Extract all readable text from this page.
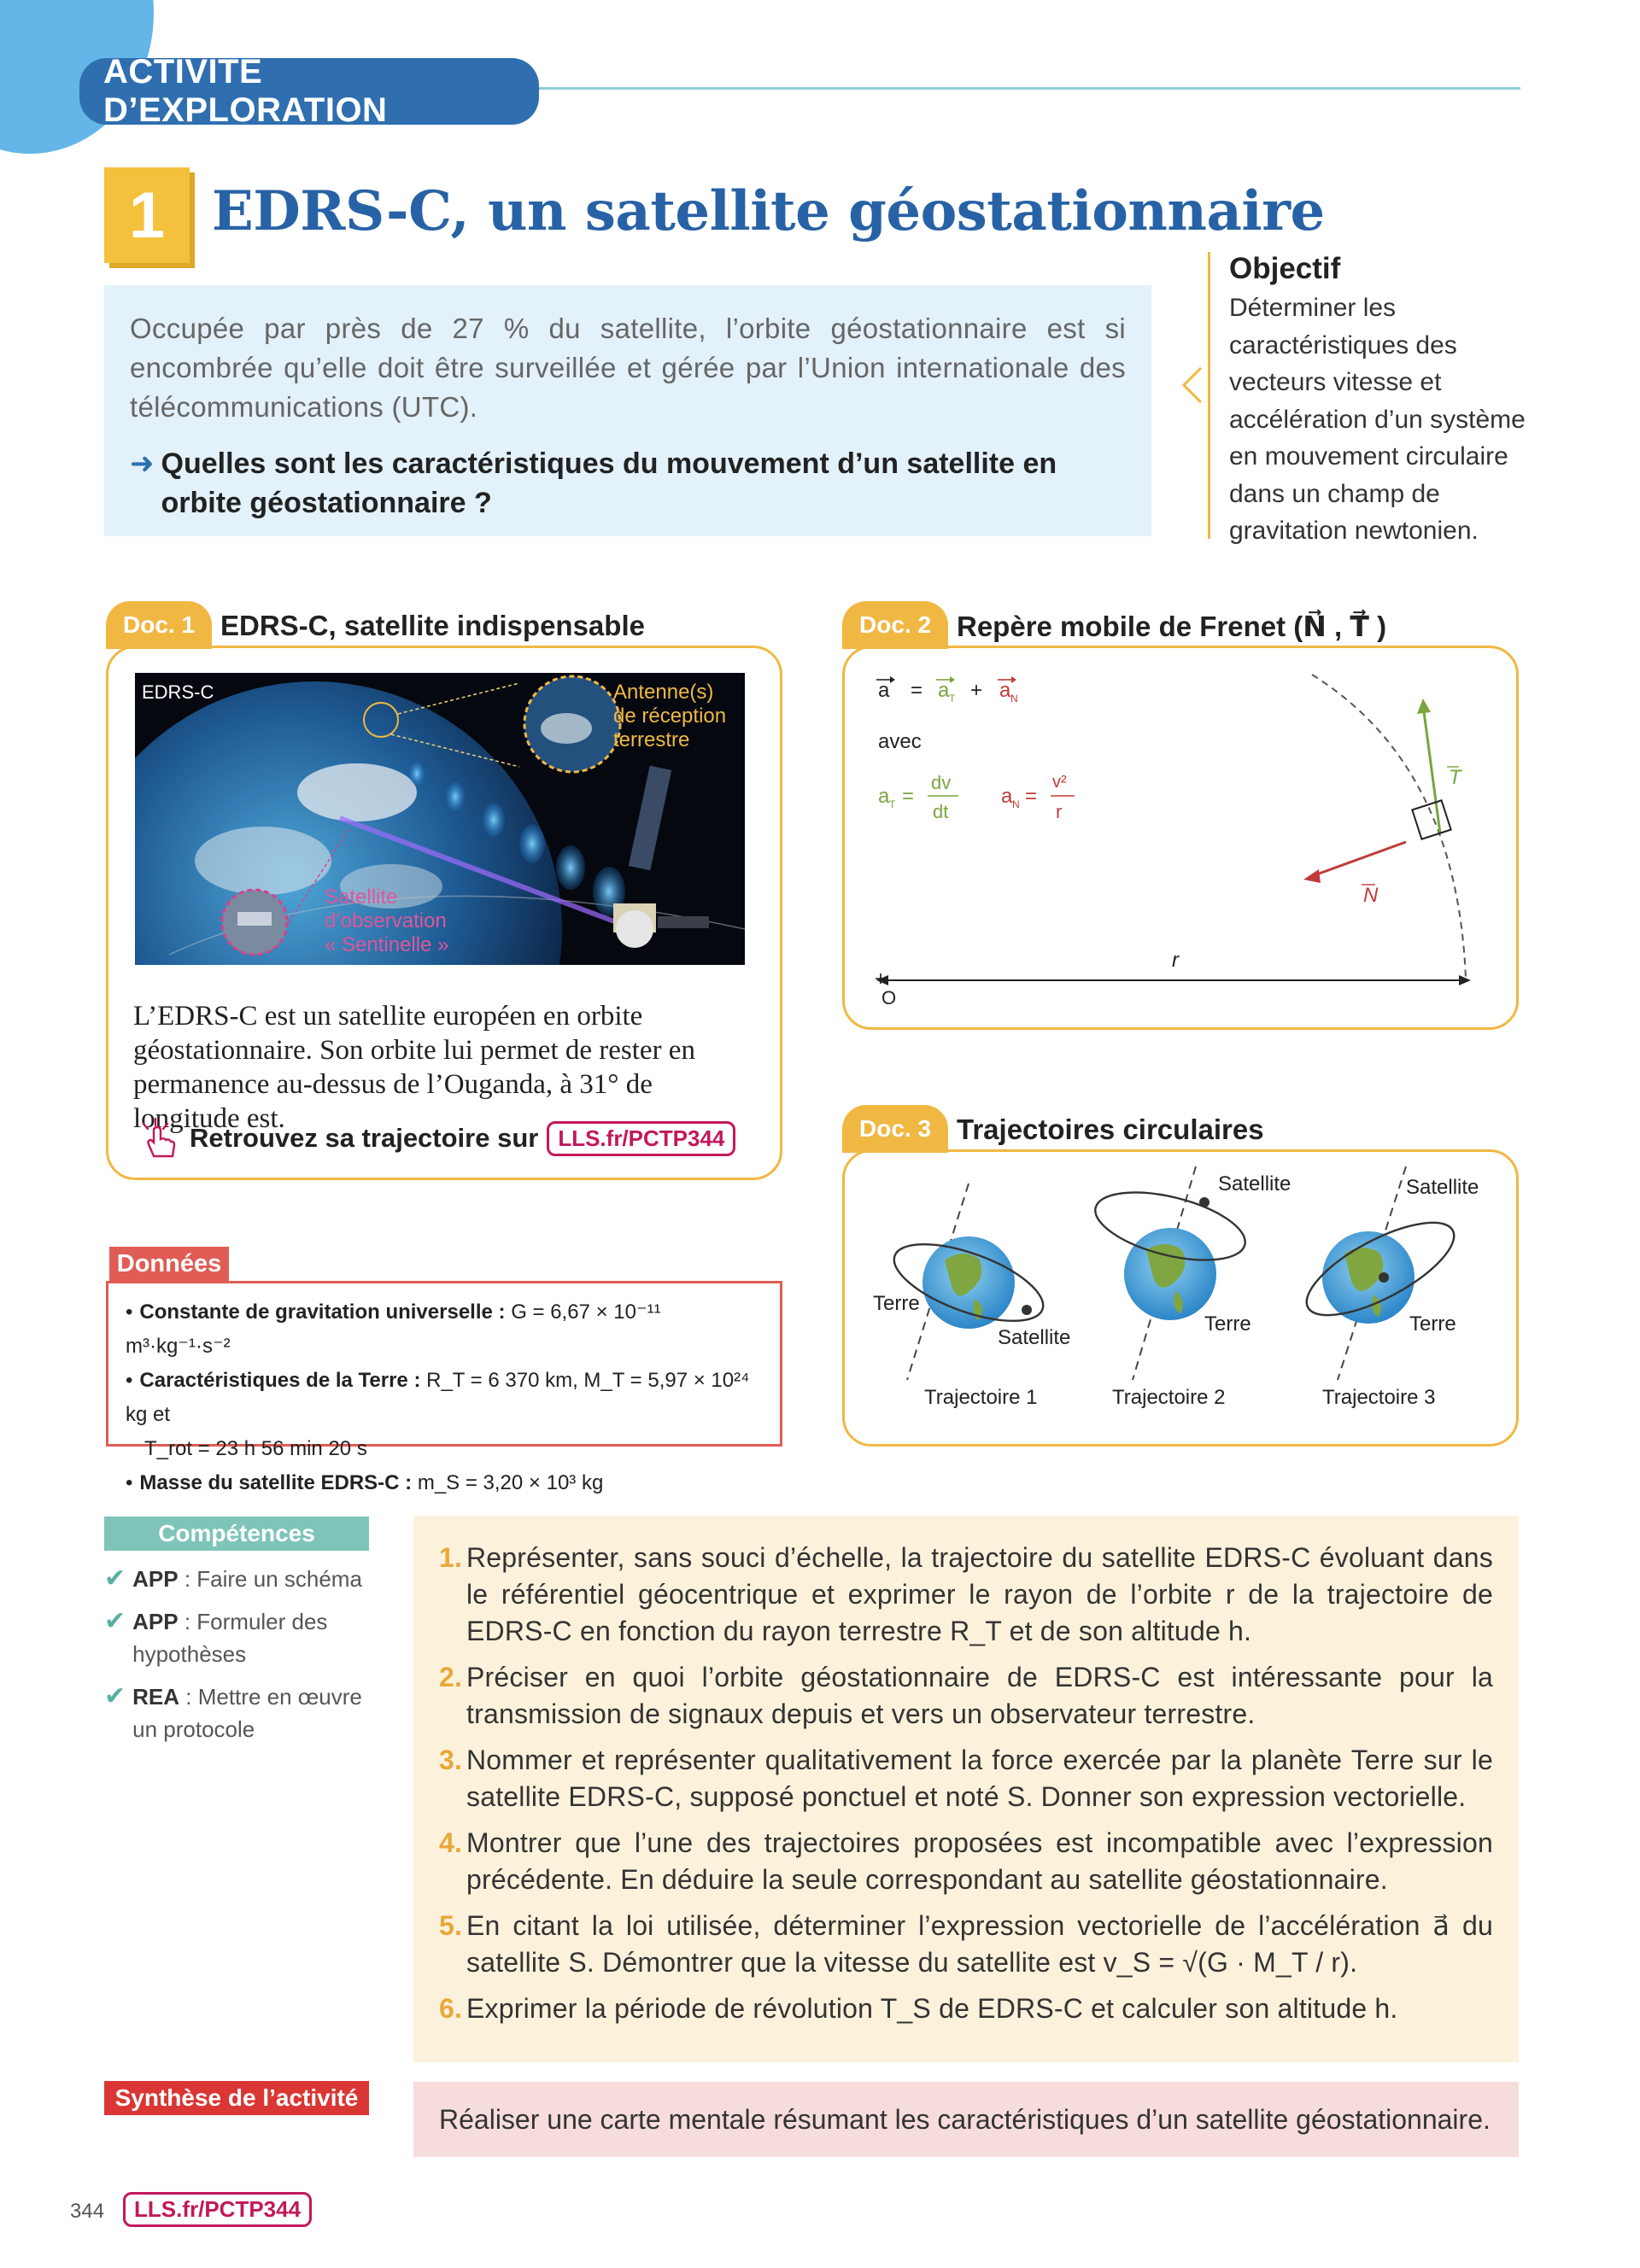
ACTIVITÉ D’EXPLORATION
1 EDRS-C, un satellite géostationnaire

Occupée par près de 27 % du satellite, l’orbite géostationnaire est si encombrée qu’elle doit être surveillée et gérée par l’Union internationale des télécommunications (UTC).

➜ Quelles sont les caractéristiques du mouvement d’un satellite en orbite géostationnaire ?
Objectif
Déterminer les caractéristiques des vecteurs vitesse et accélération d’un système en mouvement circulaire dans un champ de gravitation newtonien.
Doc. 1 EDRS-C, satellite indispensable
EDRS-C	Antenne(s)
de réception
terrestre
Satellite
d’observation
« Sentinelle »
L’EDRS-C est un satellite européen en orbite géostationnaire. Son orbite lui permet de rester en permanence au-dessus de l’Ouganda, à 31° de longitude est.
Retrouvez sa trajectoire sur LLS.fr/PCTP344
Doc. 2 Repère mobile de Frenet (N⃗ , T⃗ )
a = +
a T a N
avec
a T =
dv
dt
a N =
v²
r
T
N
r
+
O
Doc. 3 Trajectoires circulaires
Terre
Satellite
Trajectoire 1
Satellite
Terre
Trajectoire 2
Satellite
Terre
Trajectoire 3
Données
• Constante de gravitation universelle : G = 6,67 × 10⁻¹¹ m³·kg⁻¹·s⁻²
• Caractéristiques de la Terre : R_T = 6 370 km, M_T = 5,97 × 10²⁴ kg et
T_rot = 23 h 56 min 20 s
• Masse du satellite EDRS-C : m_S = 3,20 × 10³ kg
Compétences
✔ APP : Faire un schéma
✔ APP : Formuler des hypothèses
✔ REA : Mettre en œuvre un protocole
1. Représenter, sans souci d’échelle, la trajectoire du satellite EDRS-C évoluant dans le référentiel géocentrique et exprimer le rayon de l’orbite r de la trajectoire de EDRS-C en fonction du rayon terrestre R_T et de son altitude h.
2. Préciser en quoi l’orbite géostationnaire de EDRS-C est intéressante pour la transmission de signaux depuis et vers un observateur terrestre.
3. Nommer et représenter qualitativement la force exercée par la planète Terre sur le satellite EDRS-C, supposé ponctuel et noté S. Donner son expression vectorielle.
4. Montrer que l’une des trajectoires proposées est incompatible avec l’expression précédente. En déduire la seule correspondant au satellite géostationnaire.
5. En citant la loi utilisée, déterminer l’expression vectorielle de l’accélération a⃗ du satellite S. Démontrer que la vitesse du satellite est v_S = √(G · M_T / r).
6. Exprimer la période de révolution T_S de EDRS-C et calculer son altitude h.
Synthèse de l’activité
Réaliser une carte mentale résumant les caractéristiques d’un satellite géostationnaire.
344	LLS.fr/PCTP344
